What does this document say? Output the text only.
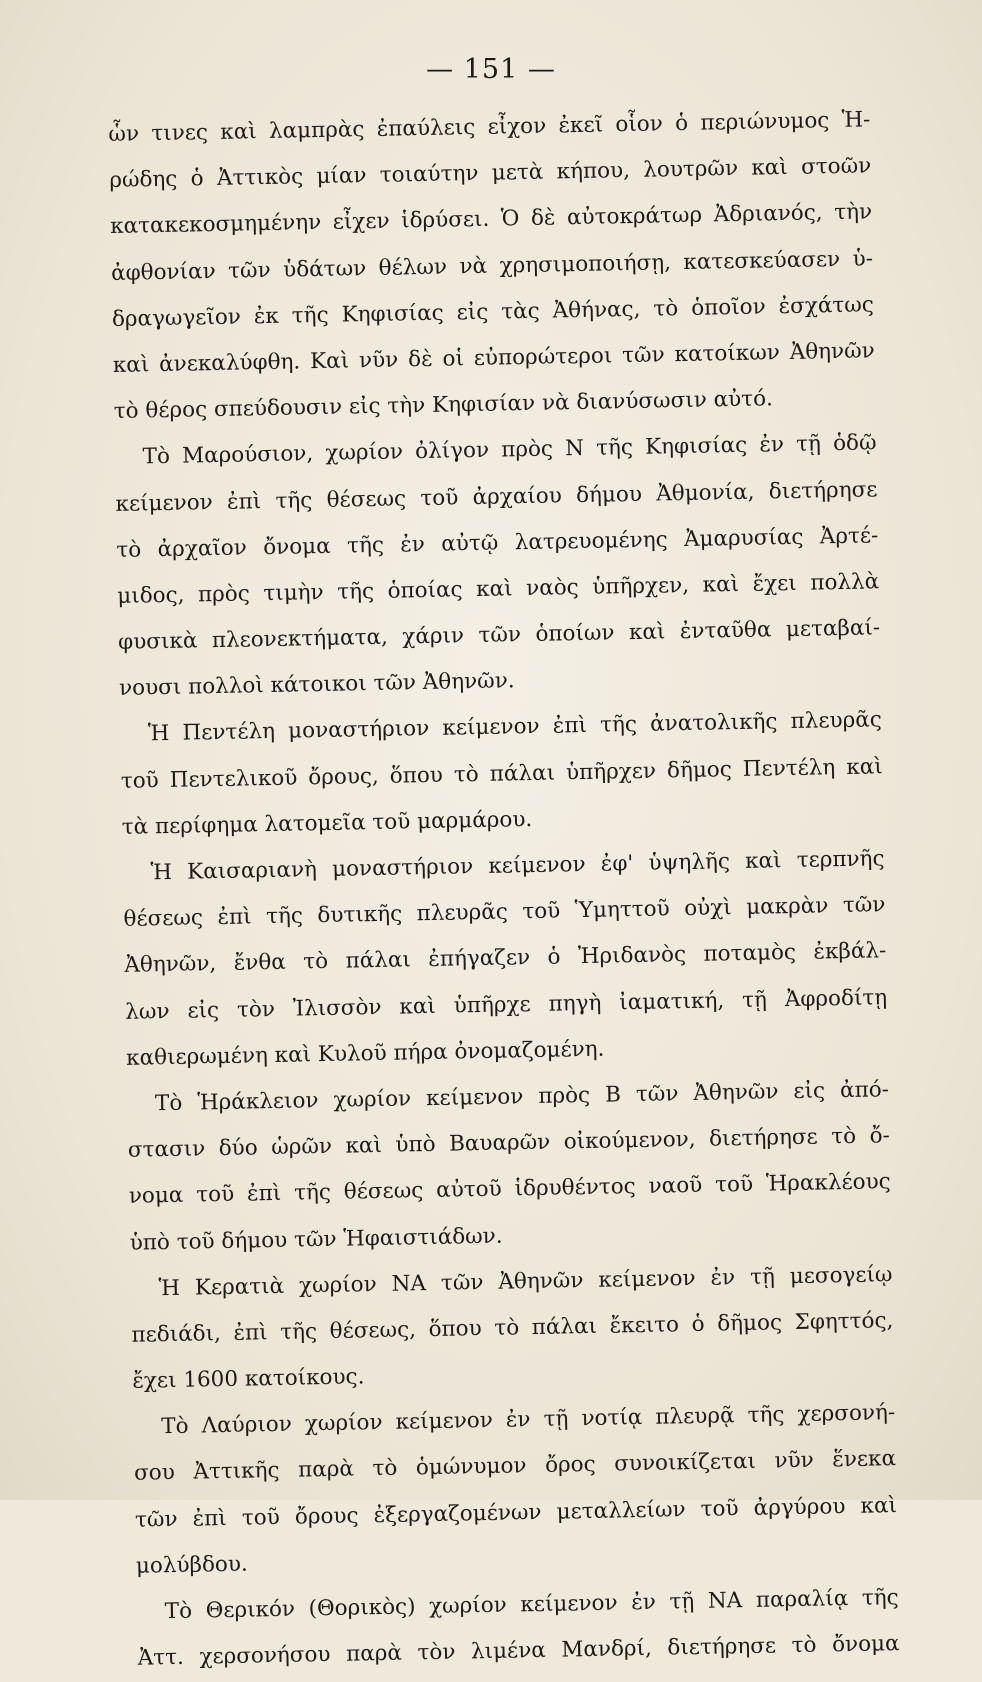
— 151 —
ὧν τινες καὶ λαμπρὰς ἐπαύλεις εἶχον ἐκεῖ οἷον ὁ περιώνυμος Ἡ-
ρώδης ὁ Ἀττικὸς μίαν τοιαύτην μετὰ κήπου, λουτρῶν καὶ στοῶν
κατακεκοσμημένην εἶχεν ἱδρύσει. Ὁ δὲ αὐτοκράτωρ Ἀδριανός, τὴν
ἀφθονίαν τῶν ὑδάτων θέλων νὰ χρησιμοποιήσῃ, κατεσκεύασεν ὑ-
δραγωγεῖον ἐκ τῆς Κηφισίας εἰς τὰς Ἀθήνας, τὸ ὁποῖον ἐσχάτως
καὶ ἀνεκαλύφθη. Καὶ νῦν δὲ οἱ εὐπορώτεροι τῶν κατοίκων Ἀθηνῶν
τὸ θέρος σπεύδουσιν εἰς τὴν Κηφισίαν νὰ διανύσωσιν αὐτό.
Τὸ Μαρούσιον, χωρίον ὀλίγον πρὸς Ν τῆς Κηφισίας ἐν τῇ ὁδῷ
κείμενον ἐπὶ τῆς θέσεως τοῦ ἀρχαίου δήμου Ἀθμονία, διετήρησε
τὸ ἀρχαῖον ὄνομα τῆς ἐν αὐτῷ λατρευομένης Ἀμαρυσίας Ἀρτέ-
μιδος, πρὸς τιμὴν τῆς ὁποίας καὶ ναὸς ὑπῆρχεν, καὶ ἔχει πολλὰ
φυσικὰ πλεονεκτήματα, χάριν τῶν ὁποίων καὶ ἐνταῦθα μεταβαί-
νουσι πολλοὶ κάτοικοι τῶν Ἀθηνῶν.
Ἡ Πεντέλη μοναστήριον κείμενον ἐπὶ τῆς ἀνατολικῆς πλευρᾶς
τοῦ Πεντελικοῦ ὄρους, ὅπου τὸ πάλαι ὑπῆρχεν δῆμος Πεντέλη καὶ
τὰ περίφημα λατομεῖα τοῦ μαρμάρου.
Ἡ Καισαριανὴ μοναστήριον κείμενον ἐφ' ὑψηλῆς καὶ τερπνῆς
θέσεως ἐπὶ τῆς δυτικῆς πλευρᾶς τοῦ Ὑμηττοῦ οὐχὶ μακρὰν τῶν
Ἀθηνῶν, ἔνθα τὸ πάλαι ἐπήγαζεν ὁ Ἠριδανὸς ποταμὸς ἐκβάλ-
λων εἰς τὸν Ἰλισσὸν καὶ ὑπῆρχε πηγὴ ἰαματική, τῇ Ἀφροδίτῃ
καθιερωμένη καὶ Κυλοῦ πήρα ὀνομαζομένη.
Τὸ Ἡράκλειον χωρίον κείμενον πρὸς Β τῶν Ἀθηνῶν εἰς ἀπό-
στασιν δύο ὡρῶν καὶ ὑπὸ Βαυαρῶν οἰκούμενον, διετήρησε τὸ ὄ-
νομα τοῦ ἐπὶ τῆς θέσεως αὐτοῦ ἱδρυθέντος ναοῦ τοῦ Ἡρακλέους
ὑπὸ τοῦ δήμου τῶν Ἡφαιστιάδων.
Ἡ Κερατιὰ χωρίον ΝΑ τῶν Ἀθηνῶν κείμενον ἐν τῇ μεσογείῳ
πεδιάδι, ἐπὶ τῆς θέσεως, ὅπου τὸ πάλαι ἔκειτο ὁ δῆμος Σφηττός,
ἔχει 1600 κατοίκους.
Τὸ Λαύριον χωρίον κείμενον ἐν τῇ νοτίᾳ πλευρᾷ τῆς χερσονή-
σου Ἀττικῆς παρὰ τὸ ὁμώνυμον ὄρος συνοικίζεται νῦν ἕνεκα
τῶν ἐπὶ τοῦ ὄρους ἐξεργαζομένων μεταλλείων τοῦ ἀργύρου καὶ
μολύβδου.
Τὸ Θερικόν (Θορικὸς) χωρίον κείμενον ἐν τῇ ΝΑ παραλίᾳ τῆς
Ἀττ. χερσονήσου παρὰ τὸν λιμένα Μανδρί, διετήρησε τὸ ὄνομα
